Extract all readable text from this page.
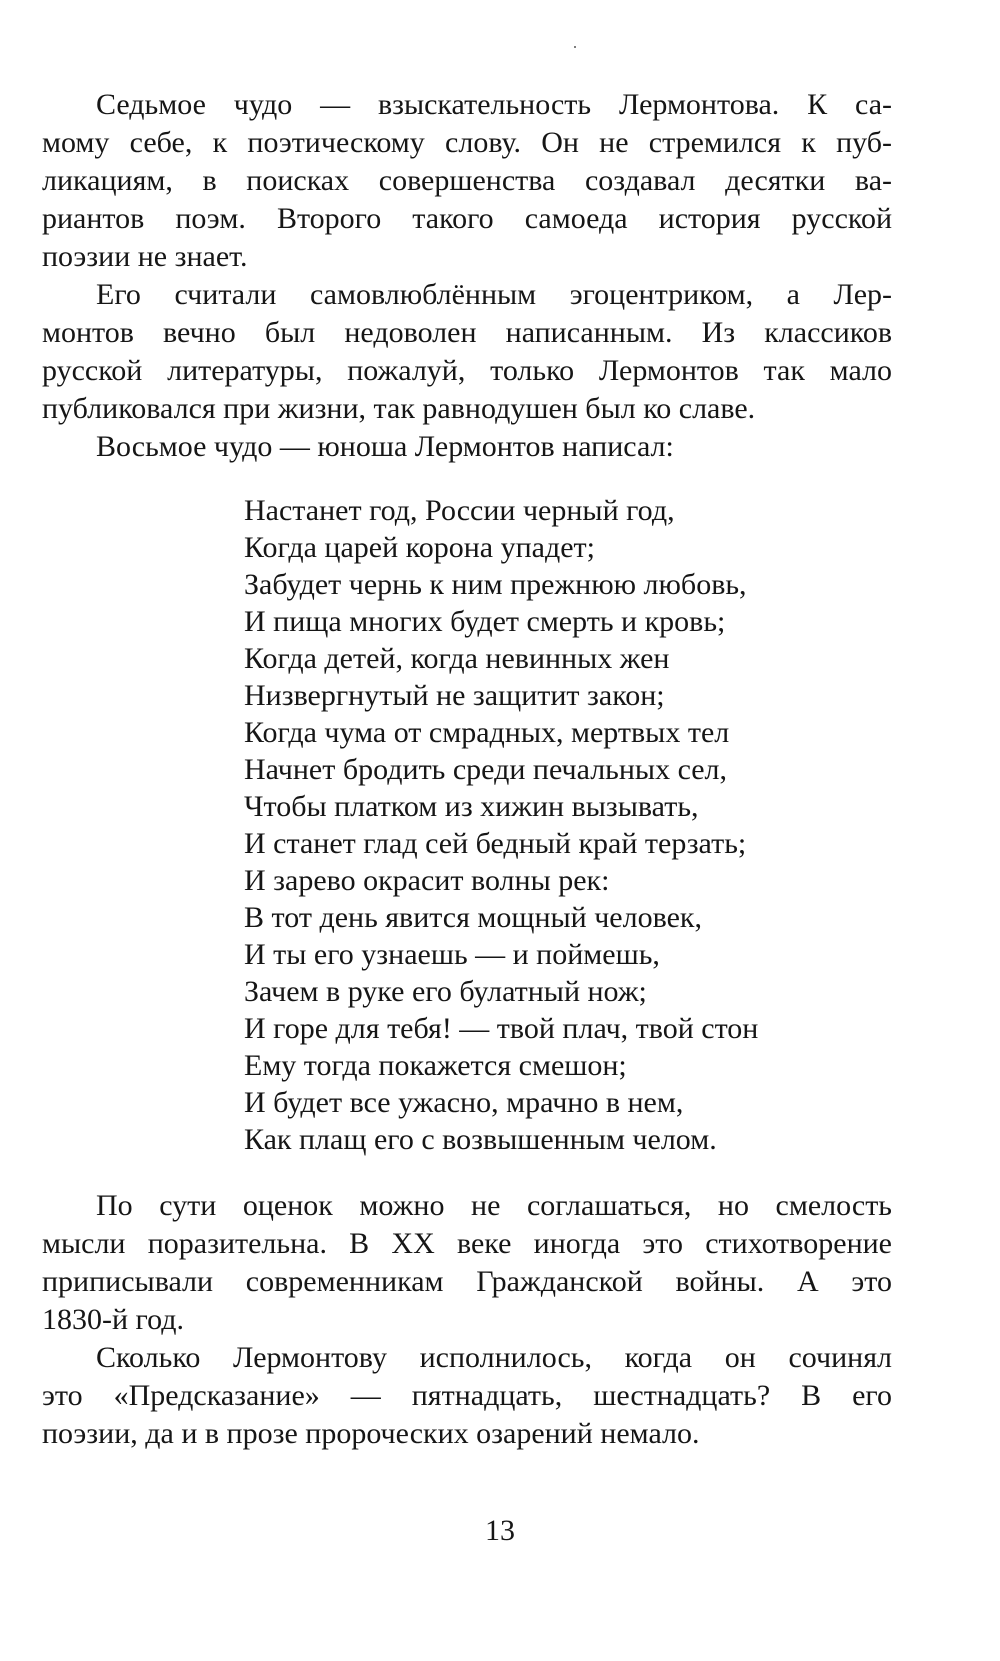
Седьмое чудо — взыскательность Лермонтова. К са-
мому себе, к поэтическому слову. Он не стремился к пуб-
ликациям, в поисках совершенства создавал десятки ва-
риантов поэм. Второго такого самоеда история русской
поэзии не знает.
Его считали самовлюблённым эгоцентриком, а Лер-
монтов вечно был недоволен написанным. Из классиков
русской литературы, пожалуй, только Лермонтов так мало
публиковался при жизни, так равнодушен был ко славе.
Восьмое чудо — юноша Лермонтов написал:
Настанет год, России черный год,
Когда царей корона упадет;
Забудет чернь к ним прежнюю любовь,
И пища многих будет смерть и кровь;
Когда детей, когда невинных жен
Низвергнутый не защитит закон;
Когда чума от смрадных, мертвых тел
Начнет бродить среди печальных сел,
Чтобы платком из хижин вызывать,
И станет глад сей бедный край терзать;
И зарево окрасит волны рек:
В тот день явится мощный человек,
И ты его узнаешь — и поймешь,
Зачем в руке его булатный нож;
И горе для тебя! — твой плач, твой стон
Ему тогда покажется смешон;
И будет все ужасно, мрачно в нем,
Как плащ его с возвышенным челом.
По сути оценок можно не соглашаться, но смелость
мысли поразительна. В XX веке иногда это стихотворение
приписывали современникам Гражданской войны. А это
1830-й год.
Сколько Лермонтову исполнилось, когда он сочинял
это «Предсказание» — пятнадцать, шестнадцать? В его
поэзии, да и в прозе пророческих озарений немало.
13
